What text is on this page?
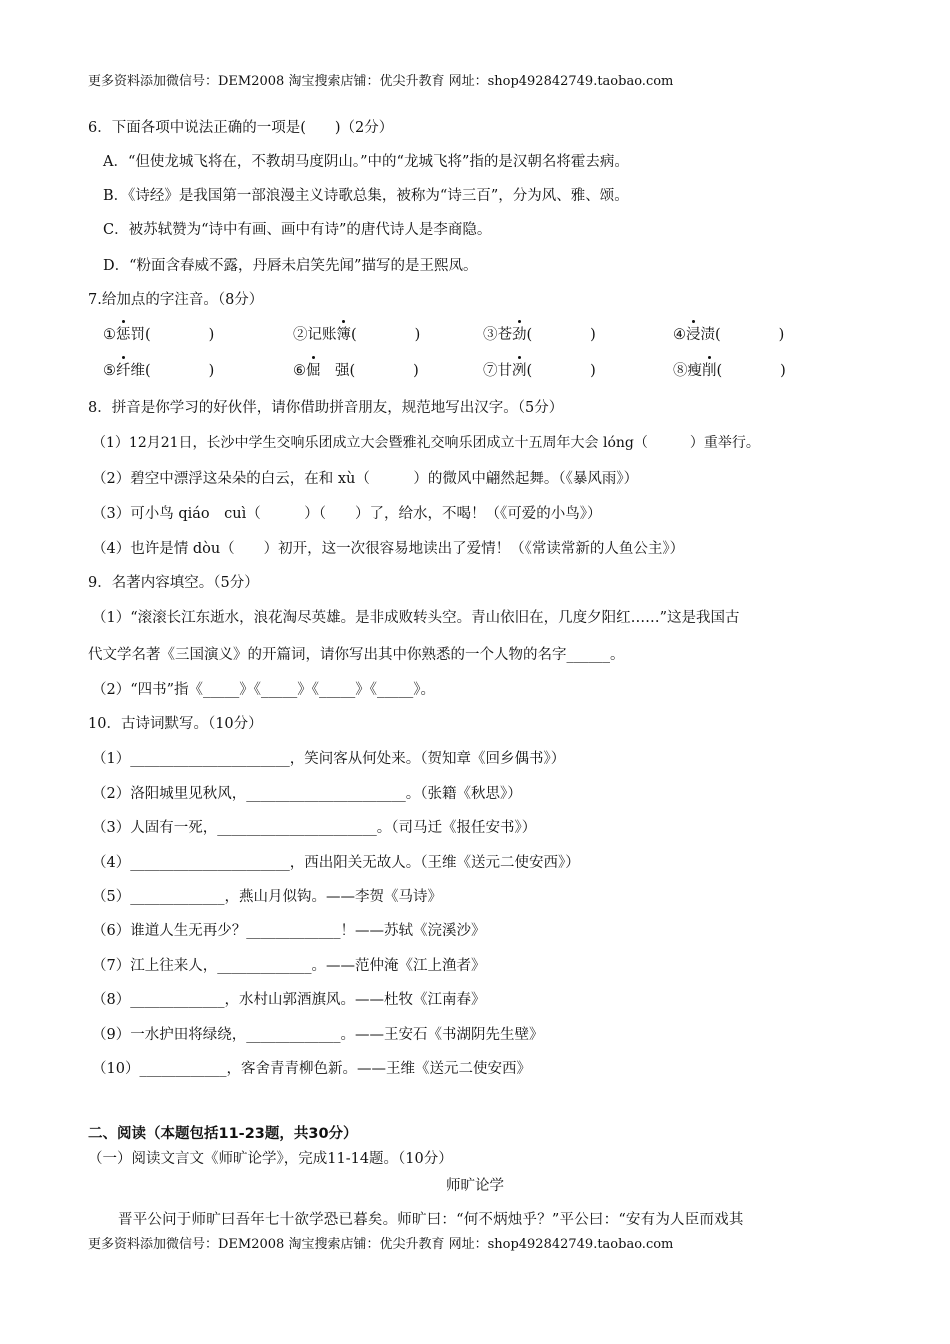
更多资料添加微信号：DEM2008 淘宝搜索店铺：优尖升教育 网址：shop492842749.taobao.com
6．下面各项中说法正确的一项是(　　)（2分）
A．“但使龙城飞将在，不教胡马度阴山。”中的“龙城飞将”指的是汉朝名将霍去病。
B．《诗经》是我国第一部浪漫主义诗歌总集，被称为“诗三百”，分为风、雅、颂。
C．被苏轼赞为“诗中有画、画中有诗”的唐代诗人是李商隐。
D．“粉面含春威不露，丹唇未启笑先闻”描写的是王熙凤。
7.给加点的字注音。（8分）
①惩罚(　　　　)	②记账簿(　　　　)	③苍劲(　　　　)	④浸渍(　　　　)
⑤纤维(　　　　)	⑥倔　强(　　　　)	⑦甘冽(　　　　)	⑧瘦削(　　　　)
8．拼音是你学习的好伙伴，请你借助拼音朋友，规范地写出汉字。（5分）
（1）12月21日，长沙中学生交响乐团成立大会暨雅礼交响乐团成立十五周年大会 lóng（　　　）重举行。
（2）碧空中漂浮这朵朵的白云，在和 xù（　　　）的微风中翩然起舞。（《暴风雨》）
（3）可小鸟 qiáo　cuì（　　　）（　　）了，给水，不喝！（《可爱的小鸟》）
（4）也许是情 dòu（　　）初开，这一次很容易地读出了爱情！（《常读常新的人鱼公主》）
9．名著内容填空。（5分）
（1）“滚滚长江东逝水，浪花淘尽英雄。是非成败转头空。青山依旧在，几度夕阳红……”这是我国古
代文学名著《三国演义》的开篇词，请你写出其中你熟悉的一个人物的名字______。
（2）“四书”指《_____》《_____》《_____》《_____》。
10．古诗词默写。（10分）
（1）______________________，笑问客从何处来。（贺知章《回乡偶书》）
（2）洛阳城里见秋风，______________________。（张籍《秋思》）
（3）人固有一死，______________________。（司马迁《报任安书》）
（4）______________________，西出阳关无故人。（王维《送元二使安西》）
（5）_____________，燕山月似钩。——李贺《马诗》
（6）谁道人生无再少？_____________！——苏轼《浣溪沙》
（7）江上往来人，_____________。——范仲淹《江上渔者》
（8）_____________，水村山郭酒旗风。——杜牧《江南春》
（9）一水护田将绿绕，_____________。——王安石《书湖阴先生壁》
（10）____________，客舍青青柳色新。——王维《送元二使安西》
二、阅读（本题包括11-23题，共30分）
（一）阅读文言文《师旷论学》，完成11-14题。（10分）
师旷论学
晋平公问于师旷曰吾年七十欲学恐已暮矣。师旷曰：“何不炳烛乎？”平公曰：“安有为人臣而戏其
更多资料添加微信号：DEM2008 淘宝搜索店铺：优尖升教育 网址：shop492842749.taobao.com
